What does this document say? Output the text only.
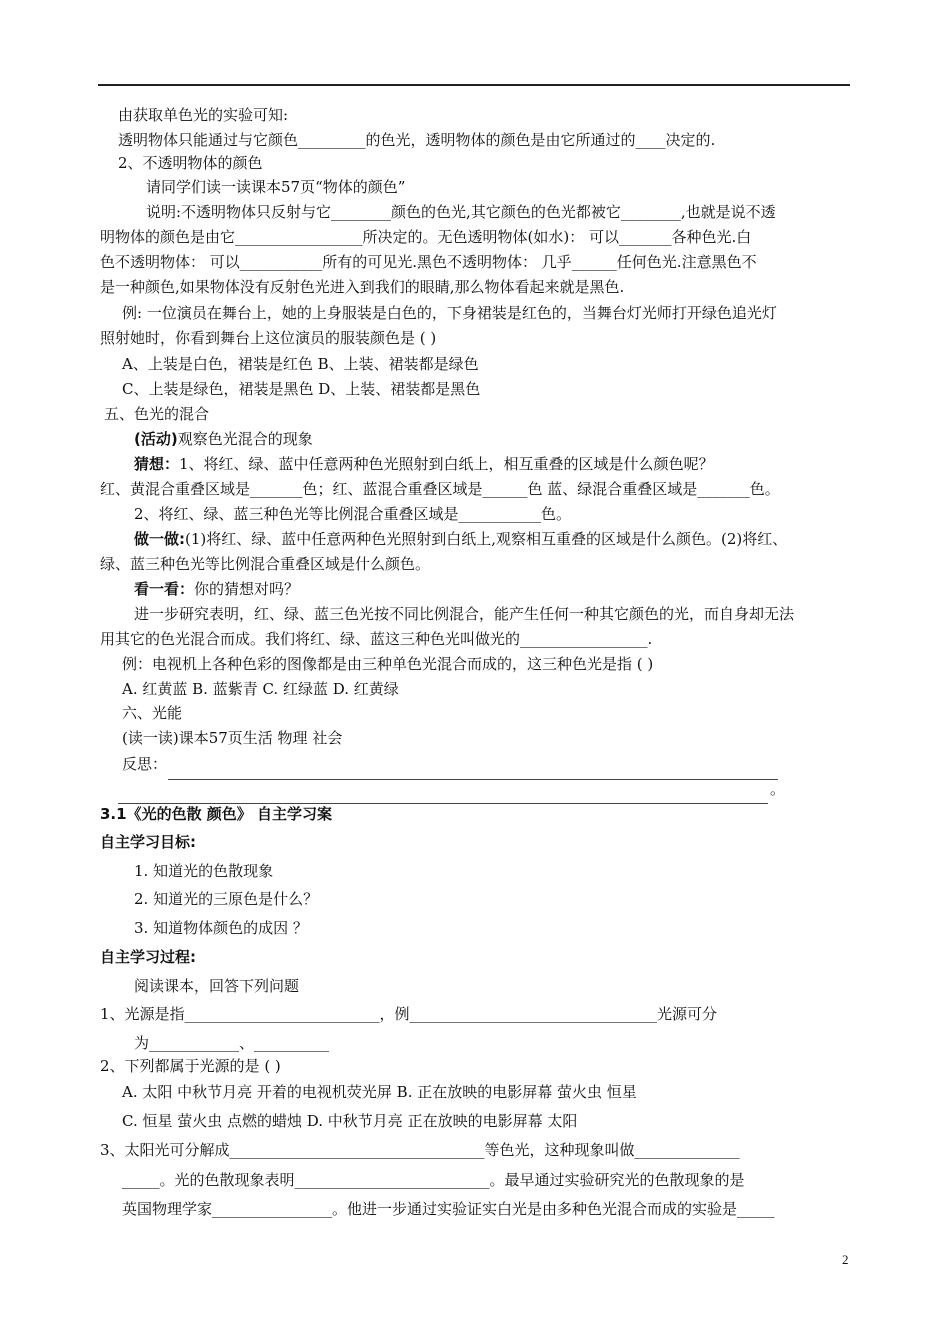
由获取单色光的实验可知:
透明物体只能通过与它颜色_________的色光，透明物体的颜色是由它所通过的____决定的.
2、不透明物体的颜色
请同学们读一读课本57页“物体的颜色”
说明:不透明物体只反射与它________颜色的色光,其它颜色的色光都被它________,也就是说不透
明物体的颜色是由它_________________所决定的。无色透明物体(如水)： 可以_______各种色光.白
色不透明物体： 可以___________所有的可见光.黑色不透明物体： 几乎______任何色光.注意黑色不
是一种颜色,如果物体没有反射色光进入到我们的眼睛,那么物体看起来就是黑色.
例: 一位演员在舞台上，她的上身服装是白色的，下身裙装是红色的，当舞台灯光师打开绿色追光灯
照射她时，你看到舞台上这位演员的服装颜色是 ( )
A、上装是白色，裙装是红色 B、上装、裙装都是绿色
C、上装是绿色，裙装是黑色 D、上装、裙装都是黑色
五、色光的混合
(活动)观察色光混合的现象
猜想：1、将红、绿、蓝中任意两种色光照射到白纸上，相互重叠的区域是什么颜色呢？
红、黄混合重叠区域是_______色；红、蓝混合重叠区域是______色 蓝、绿混合重叠区域是_______色。
2、将红、绿、蓝三种色光等比例混合重叠区域是___________色。
做一做:(1)将红、绿、蓝中任意两种色光照射到白纸上,观察相互重叠的区域是什么颜色。(2)将红、
绿、蓝三种色光等比例混合重叠区域是什么颜色。
看一看：你的猜想对吗？
进一步研究表明，红、绿、蓝三色光按不同比例混合，能产生任何一种其它颜色的光，而自身却无法
用其它的色光混合而成。我们将红、绿、蓝这三种色光叫做光的_________________.
例：电视机上各种色彩的图像都是由三种单色光混合而成的，这三种色光是指 ( )
A. 红黄蓝 B. 蓝紫青 C. 红绿蓝 D. 红黄绿
六、光能
(读一读)课本57页生活 物理 社会
反思：
。
3.1《光的色散 颜色》 自主学习案
自主学习目标:
1. 知道光的色散现象
2. 知道光的三原色是什么？
3. 知道物体颜色的成因 ？
自主学习过程:
阅读课本，回答下列问题
1、光源是指__________________________，例_________________________________光源可分
为____________、__________
2、下列都属于光源的是 ( )
A. 太阳 中秋节月亮 开着的电视机荧光屏 B. 正在放映的电影屏幕 萤火虫 恒星
C. 恒星 萤火虫 点燃的蜡烛 D. 中秋节月亮 正在放映的电影屏幕 太阳
3、太阳光可分解成__________________________________等色光，这种现象叫做______________
_____。光的色散现象表明__________________________。最早通过实验研究光的色散现象的是
英国物理学家________________。他进一步通过实验证实白光是由多种色光混合而成的实验是_____
2
